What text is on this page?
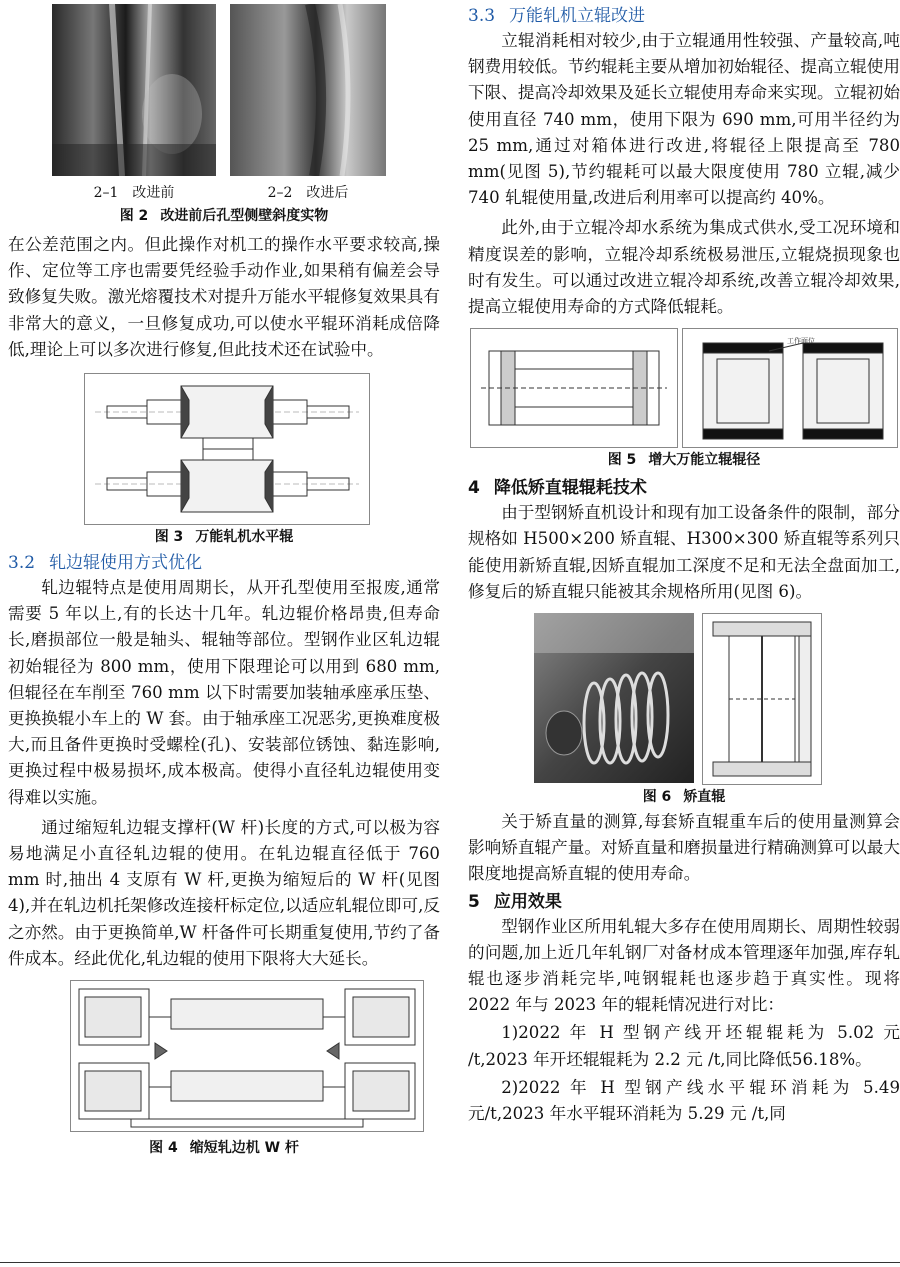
2–1　改进前	2–2　改进后
图 2 改进前后孔型侧壁斜度实物

在公差范围之内。但此操作对机工的操作水平要求较高,操作、定位等工序也需要凭经验手动作业,如果稍有偏差会导致修复失败。激光熔覆技术对提升万能水平辊修复效果具有非常大的意义，一旦修复成功,可以使水平辊环消耗成倍降低,理论上可以多次进行修复,但此技术还在试验中。

图 3 万能轧机水平辊
3.2 轧边辊使用方式优化

轧边辊特点是使用周期长，从开孔型使用至报废,通常需要 5 年以上,有的长达十几年。轧边辊价格昂贵,但寿命长,磨损部位一般是轴头、辊轴等部位。型钢作业区轧边辊初始辊径为 800 mm，使用下限理论可以用到 680 mm,但辊径在车削至 760 mm 以下时需要加装轴承座承压垫、更换换辊小车上的 W 套。由于轴承座工况恶劣,更换难度极大,而且备件更换时受螺栓(孔)、安装部位锈蚀、黏连影响,更换过程中极易损坏,成本极高。使得小直径轧边辊使用变得难以实施。

通过缩短轧边辊支撑杆(W 杆)长度的方式,可以极为容易地满足小直径轧边辊的使用。在轧边辊直径低于 760 mm 时,抽出 4 支原有 W 杆,更换为缩短后的 W 杆(见图 4),并在轧边机托架修改连接杆标定位,以适应轧辊位即可,反之亦然。由于更换简单,W 杆备件可长期重复使用,节约了备件成本。经此优化,轧边辊的使用下限将大大延长。

图 4 缩短轧边机 W 杆
3.3 万能轧机立辊改进

立辊消耗相对较少,由于立辊通用性较强、产量较高,吨钢费用较低。节约辊耗主要从增加初始辊径、提高立辊使用下限、提高冷却效果及延长立辊使用寿命来实现。立辊初始使用直径 740 mm，使用下限为 690 mm,可用半径约为 25 mm,通过对箱体进行改进,将辊径上限提高至 780 mm(见图 5),节约辊耗可以最大限度使用 780 立辊,减少 740 轧辊使用量,改进后利用率可以提高约 40%。

此外,由于立辊冷却水系统为集成式供水,受工况环境和精度误差的影响，立辊冷却系统极易泄压,立辊烧损现象也时有发生。可以通过改进立辊冷却系统,改善立辊冷却效果,提高立辊使用寿命的方式降低辊耗。

工作面位
图 5 增大万能立辊辊径
4 降低矫直辊辊耗技术

由于型钢矫直机设计和现有加工设备条件的限制，部分规格如 H500×200 矫直辊、H300×300 矫直辊等系列只能使用新矫直辊,因矫直辊加工深度不足和无法全盘面加工,修复后的矫直辊只能被其余规格所用(见图 6)。

图 6 矫直辊

关于矫直量的测算,每套矫直辊重车后的使用量测算会影响矫直辊产量。对矫直量和磨损量进行精确测算可以最大限度地提高矫直辊的使用寿命。

5 应用效果

型钢作业区所用轧辊大多存在使用周期长、周期性较弱的问题,加上近几年轧钢厂对备材成本管理逐年加强,库存轧辊也逐步消耗完毕,吨钢辊耗也逐步趋于真实性。现将 2022 年与 2023 年的辊耗情况进行对比：

1)2022 年 H 型钢产线开坯辊辊耗为 5.02 元 /t,2023 年开坯辊辊耗为 2.2 元 /t,同比降低56.18%。

2)2022 年 H 型钢产线水平辊环消耗为 5.49 元/t,2023 年水平辊环消耗为 5.29 元 /t,同
